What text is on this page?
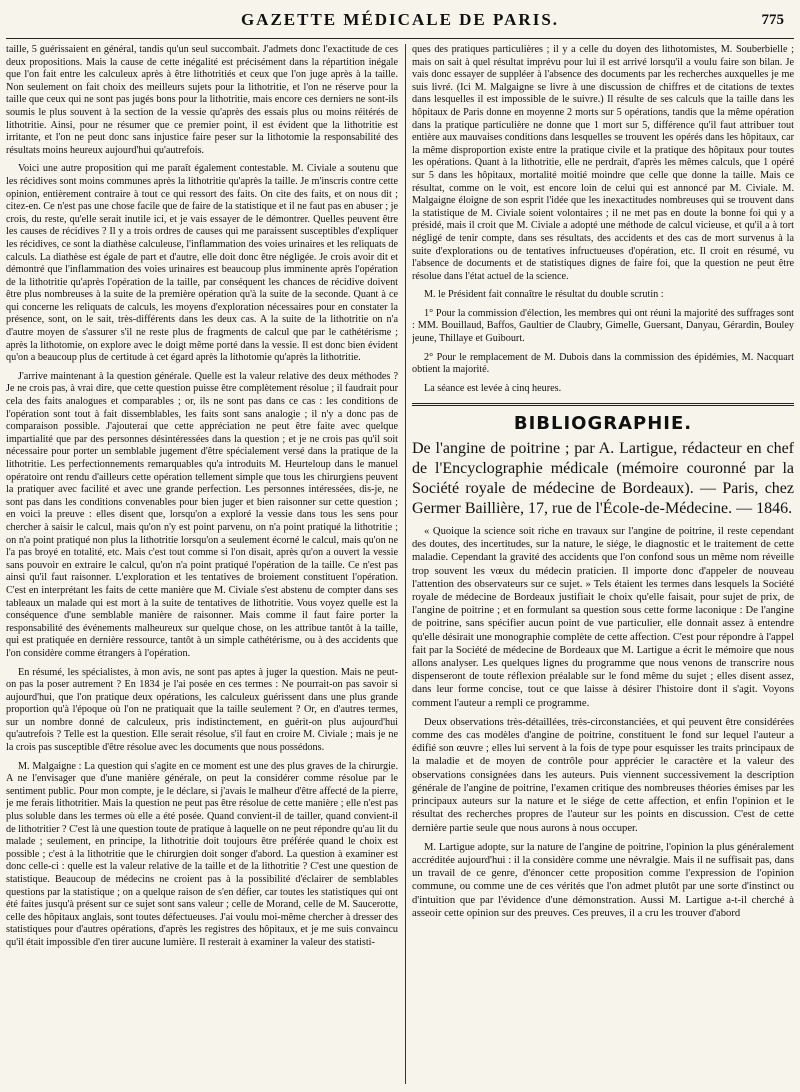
GAZETTE MÉDICALE DE PARIS.	775

taille, 5 guérissaient en général, tandis qu'un seul succombait. J'admets donc l'exactitude de ces deux propositions. Mais la cause de cette inégalité est précisément dans la répartition inégale que l'on fait entre les calculeux après à être lithotritiés et ceux que l'on juge après à la taille. Non seulement on fait choix des meilleurs sujets pour la lithotritie, et l'on ne réserve pour la taille que ceux qui ne sont pas jugés bons pour la lithotritie, mais encore ces derniers ne sont-ils soumis le plus souvent à la section de la vessie qu'après des essais plus ou moins réitérés de lithotritie. Ainsi, pour ne résumer que ce premier point, il est évident que la lithotritie est irritante, et l'on ne peut donc sans injustice faire peser sur la lithotomie la responsabilité des résultats moins heureux aujourd'hui qu'autrefois.

Voici une autre proposition qui me paraît également contestable. M. Civiale a soutenu que les récidives sont moins communes après la lithotritie qu'après la taille. Je m'inscris contre cette opinion, entièrement contraire à tout ce qui ressort des faits. On cite des faits, et on nous dit ; citez-en. Ce n'est pas une chose facile que de faire de la statistique et il ne faut pas en abuser ; je crois, du reste, qu'elle serait inutile ici, et je vais essayer de le démontrer. Quelles peuvent être les causes de récidives ? Il y a trois ordres de causes qui me paraissent susceptibles d'expliquer les récidives, ce sont la diathèse calculeuse, l'inflammation des voies urinaires et les reliquats de calculs. La diathèse est égale de part et d'autre, elle doit donc être négligée. Je crois avoir dit et démontré que l'inflammation des voies urinaires est beaucoup plus imminente après l'opération de la lithotritie qu'après l'opération de la taille, par conséquent les chances de récidive doivent être plus nombreuses à la suite de la première opération qu'à la suite de la seconde. Quant à ce qui concerne les reliquats de calculs, les moyens d'exploration nécessaires pour en constater la présence, sont, on le sait, très-différents dans les deux cas. A la suite de la lithotritie on n'a d'autre moyen de s'assurer s'il ne reste plus de fragments de calcul que par le cathétérisme ; après la lithotomie, on explore avec le doigt même porté dans la vessie. Il est donc bien évident qu'on a beaucoup plus de certitude à cet égard après la lithotomie qu'après la lithotritie.

J'arrive maintenant à la question générale. Quelle est la valeur relative des deux méthodes ? Je ne crois pas, à vrai dire, que cette question puisse être complètement résolue ; il faudrait pour cela des faits analogues et comparables ; or, ils ne sont pas dans ce cas : les conditions de l'opération sont tout à fait dissemblables, les faits sont sans analogie ; il n'y a donc pas de comparaison possible. J'ajouterai que cette appréciation ne peut être faite avec quelque impartialité que par des personnes désintéressées dans la question ; et je ne crois pas qu'il soit nécessaire pour porter un semblable jugement d'être spécialement versé dans la pratique de la lithotritie. Les perfectionnements remarquables qu'a introduits M. Heurteloup dans le manuel opératoire ont rendu d'ailleurs cette opération tellement simple que tous les chirurgiens peuvent la pratiquer avec facilité et avec une grande perfection. Les personnes intéressées, dis-je, ne sont pas dans les conditions convenables pour bien juger et bien raisonner sur cette question ; en voici la preuve : elles disent que, lorsqu'on a exploré la vessie dans tous les sens pour chercher à saisir le calcul, mais qu'on n'y est point parvenu, on n'a point pratiqué la lithotritie ; on n'a point pratiqué non plus la lithotritie lorsqu'on a seulement écorné le calcul, mais qu'on ne l'a pas broyé en totalité, etc. Mais c'est tout comme si l'on disait, après qu'on a ouvert la vessie sans pouvoir en extraire le calcul, qu'on n'a point pratiqué l'opération de la taille. Ce n'est pas ainsi qu'il faut raisonner. L'exploration et les tentatives de broiement constituent l'opération. C'est en interprétant les faits de cette manière que M. Civiale s'est abstenu de compter dans ses tableaux un malade qui est mort à la suite de tentatives de lithotritie. Vous voyez quelle est la conséquence d'une semblable manière de raisonner. Mais comme il faut faire porter la responsabilité des événements malheureux sur quelque chose, on les attribue tantôt à la taille, qui est pratiquée en dernière ressource, tantôt à un simple cathétérisme, ou à des accidents que l'on considère comme étrangers à l'opération.

En résumé, les spécialistes, à mon avis, ne sont pas aptes à juger la question. Mais ne peut-on pas la poser autrement ? En 1834 je l'ai posée en ces termes : Ne pourrait-on pas savoir si aujourd'hui, que l'on pratique deux opérations, les calculeux guérissent dans une plus grande proportion qu'à l'époque où l'on ne pratiquait que la taille seulement ? Or, en d'autres termes, sur un nombre donné de calculeux, pris indistinctement, en guérit-on plus aujourd'hui qu'autrefois ? Telle est la question. Elle serait résolue, s'il faut en croire M. Civiale ; mais je ne la crois pas susceptible d'être résolue avec les documents que nous possédons.

M. Malgaigne : La question qui s'agite en ce moment est une des plus graves de la chirurgie. A ne l'envisager que d'une manière générale, on peut la considérer comme résolue par le sentiment public. Pour mon compte, je le déclare, si j'avais le malheur d'être affecté de la pierre, je me ferais lithotritier. Mais la question ne peut pas être résolue de cette manière ; elle n'est pas plus soluble dans les termes où elle a été posée. Quand convient-il de tailler, quand convient-il de lithotritier ? C'est là une question toute de pratique à laquelle on ne peut répondre qu'au lit du malade ; seulement, en principe, la lithotritie doit toujours être préférée quand le choix est possible ; c'est à la lithotritie que le chirurgien doit songer d'abord. La question à examiner est donc celle-ci : quelle est la valeur relative de la taille et de la lithotritie ? C'est une question de statistique. Beaucoup de médecins ne croient pas à la possibilité d'éclairer de semblables questions par la statistique ; on a quelque raison de s'en défier, car toutes les statistiques qui ont été faites jusqu'à présent sur ce sujet sont sans valeur ; celle de Morand, celle de M. Saucerotte, celle des hôpitaux anglais, sont toutes défectueuses. J'ai voulu moi-même chercher à dresser des statistiques pour d'autres opérations, d'après les registres des hôpitaux, et je me suis convaincu qu'il était impossible d'en tirer aucune lumière. Il resterait à examiner la valeur des statisti-

ques des pratiques particulières ; il y a celle du doyen des lithotomistes, M. Souberbielle ; mais on sait à quel résultat imprévu pour lui il est arrivé lorsqu'il a voulu faire son bilan. Je vais donc essayer de suppléer à l'absence des documents par les recherches auxquelles je me suis livré. (Ici M. Malgaigne se livre à une discussion de chiffres et de citations de textes dans lesquelles il est impossible de le suivre.) Il résulte de ses calculs que la taille dans les hôpitaux de Paris donne en moyenne 2 morts sur 5 opérations, tandis que la même opération dans la pratique particulière ne donne que 1 mort sur 5, différence qu'il faut attribuer tout entière aux mauvaises conditions dans lesquelles se trouvent les opérés dans les hôpitaux, car la même disproportion existe entre la pratique civile et la pratique des hôpitaux pour toutes les opérations. Quant à la lithotritie, elle ne perdrait, d'après les mêmes calculs, que 1 opéré sur 5 dans les hôpitaux, mortalité moitié moindre que celle que donne la taille. Mais ce résultat, comme on le voit, est encore loin de celui qui est annoncé par M. Civiale. M. Malgaigne éloigne de son esprit l'idée que les inexactitudes nombreuses qui se trouvent dans la statistique de M. Civiale soient volontaires ; il ne met pas en doute la bonne foi qui y a présidé, mais il croit que M. Civiale a adopté une méthode de calcul vicieuse, et qu'il a à tort négligé de tenir compte, dans ses résultats, des accidents et des cas de mort survenus à la suite d'explorations ou de tentatives infructueuses d'opération, etc. Il croit en résumé, vu l'absence de documents et de statistiques dignes de faire foi, que la question ne peut être résolue dans l'état actuel de la science.

M. le Président fait connaître le résultat du double scrutin :

1° Pour la commission d'élection, les membres qui ont réuni la majorité des suffrages sont : MM. Bouillaud, Baffos, Gaultier de Claubry, Gimelle, Guersant, Danyau, Gérardin, Bouley jeune, Thillaye et Guibourt.

2° Pour le remplacement de M. Dubois dans la commission des épidémies, M. Nacquart obtient la majorité.

La séance est levée à cinq heures.

BIBLIOGRAPHIE.

De l'angine de poitrine ; par A. Lartigue, rédacteur en chef de l'Encyclographie médicale (mémoire couronné par la Société royale de médecine de Bordeaux). — Paris, chez Germer Baillière, 17, rue de l'École-de-Médecine. — 1846.

« Quoique la science soit riche en travaux sur l'angine de poitrine, il reste cependant des doutes, des incertitudes, sur la nature, le siége, le diagnostic et le traitement de cette maladie. Cependant la gravité des accidents que l'on confond sous un même nom réveille trop souvent les vœux du médecin praticien. Il importe donc d'appeler de nouveau l'attention des observateurs sur ce sujet. » Tels étaient les termes dans lesquels la Société royale de médecine de Bordeaux justifiait le choix qu'elle faisait, pour sujet de prix, de l'angine de poitrine ; et en formulant sa question sous cette forme laconique : De l'angine de poitrine, sans spécifier aucun point de vue particulier, elle donnait assez à entendre qu'elle désirait une monographie complète de cette affection. C'est pour répondre à l'appel fait par la Société de médecine de Bordeaux que M. Lartigue a écrit le mémoire que nous allons analyser. Les quelques lignes du programme que nous venons de transcrire nous dispenseront de toute réflexion préalable sur le fond même du sujet ; elles disent assez, dans leur forme concise, tout ce que laisse à désirer l'histoire dont il s'agit. Voyons comment l'auteur a rempli ce programme.

Deux observations très-détaillées, très-circonstanciées, et qui peuvent être considérées comme des cas modèles d'angine de poitrine, constituent le fond sur lequel l'auteur a édifié son œuvre ; elles lui servent à la fois de type pour esquisser les traits principaux de la maladie et de moyen de contrôle pour apprécier le caractère et la valeur des observations consignées dans les auteurs. Puis viennent successivement la description générale de l'angine de poitrine, l'examen critique des nombreuses théories émises par les principaux auteurs sur la nature et le siége de cette affection, et enfin l'opinion et le résultat des recherches propres de l'auteur sur les points en discussion. C'est de cette dernière partie seule que nous aurons à nous occuper.

M. Lartigue adopte, sur la nature de l'angine de poitrine, l'opinion la plus généralement accréditée aujourd'hui : il la considère comme une névralgie. Mais il ne suffisait pas, dans un travail de ce genre, d'énoncer cette proposition comme l'expression de l'opinion commune, ou comme une de ces vérités que l'on admet plutôt par une sorte d'instinct ou d'intuition que par l'évidence d'une démonstration. Aussi M. Lartigue a-t-il cherché à asseoir cette opinion sur des preuves. Ces preuves, il a cru les trouver d'abord
